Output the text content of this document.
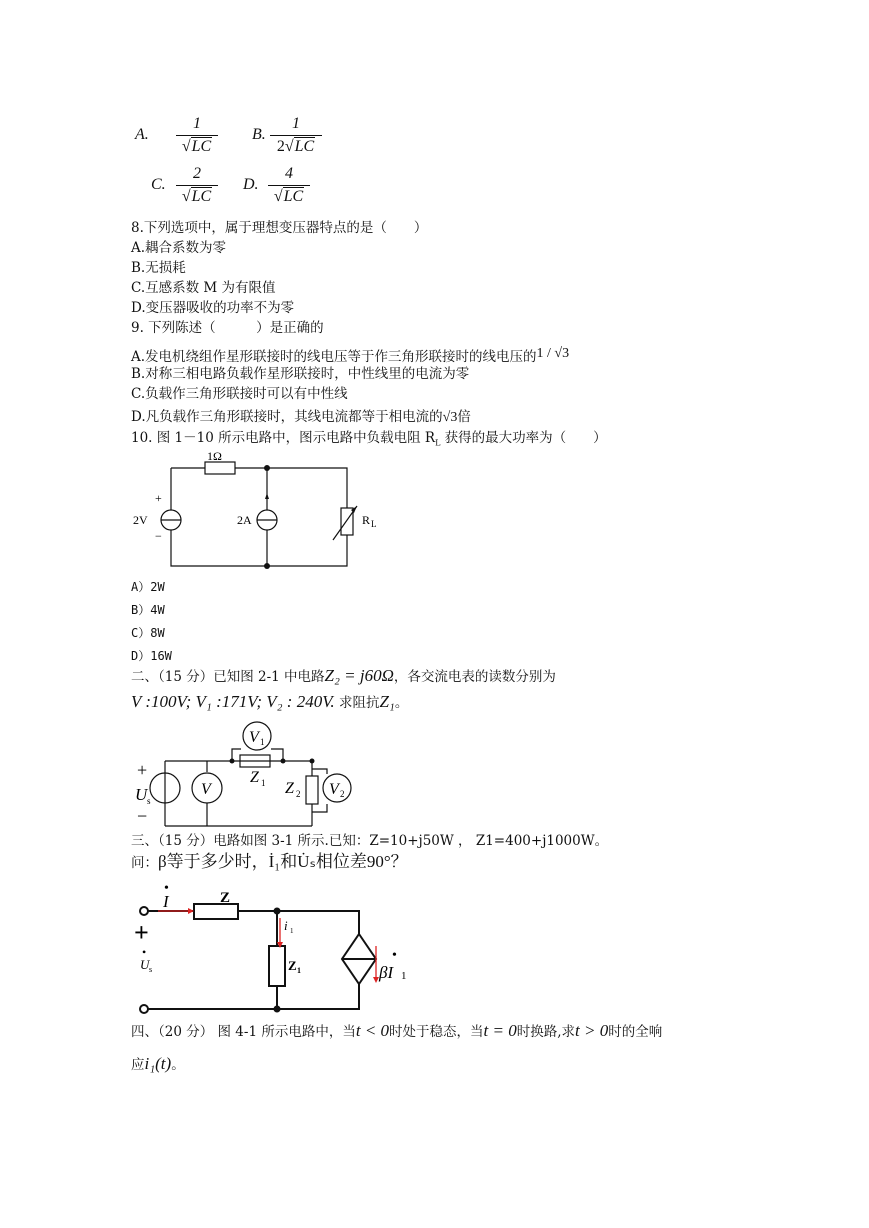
A. $\frac{1}{√LC} B$. $\frac{1}{2√LC}$
C. $\frac{2}{√LC} D$. $\frac{4}{√LC}$
8.下列选项中，属于理想变压器特点的是（　　）
A.耦合系数为零
B.无损耗
C.互感系数 M 为有限值
D.变压器吸收的功率不为零
9. 下列陈述（　　　）是正确的
A.发电机绕组作星形联接时的线电压等于作三角形联接时的线电压的1 / √3
B.对称三相电路负载作星形联接时，中性线里的电流为零
C.负载作三角形联接时可以有中性线
D.凡负载作三角形联接时，其线电流都等于相电流的√3倍
10. 图 1－10 所示电路中，图示电路中负载电阻 $R_L$ 获得的最大功率为（　　）
1Ω
+
−
2V	2A	R L
A）2W
B）4W
C）8W
D）16W
二、（15 分）已知图 2-1 中电路Z₂ = j60Ω，各交流电表的读数分别为
V :100V; V₁ :171V; V₂ : 240V. 求阻抗Z₁。
+
−
U s
V
V 1
V 2
Z 1 Z 2
三、（15 分）电路如图 3-1 所示.已知：Z=10+j50W ， Z1=400+j1000W。
问：β等于多少时，İ₁和U̇ₛ相位差90°？
I
•
Z
Z 1
i 1
+
U s
•
βI
•
1
四、（20 分） 图 4-1 所示电路中，当t < 0时处于稳态，当t = 0时换路,求t > 0时的全响
应i₁(t)。
